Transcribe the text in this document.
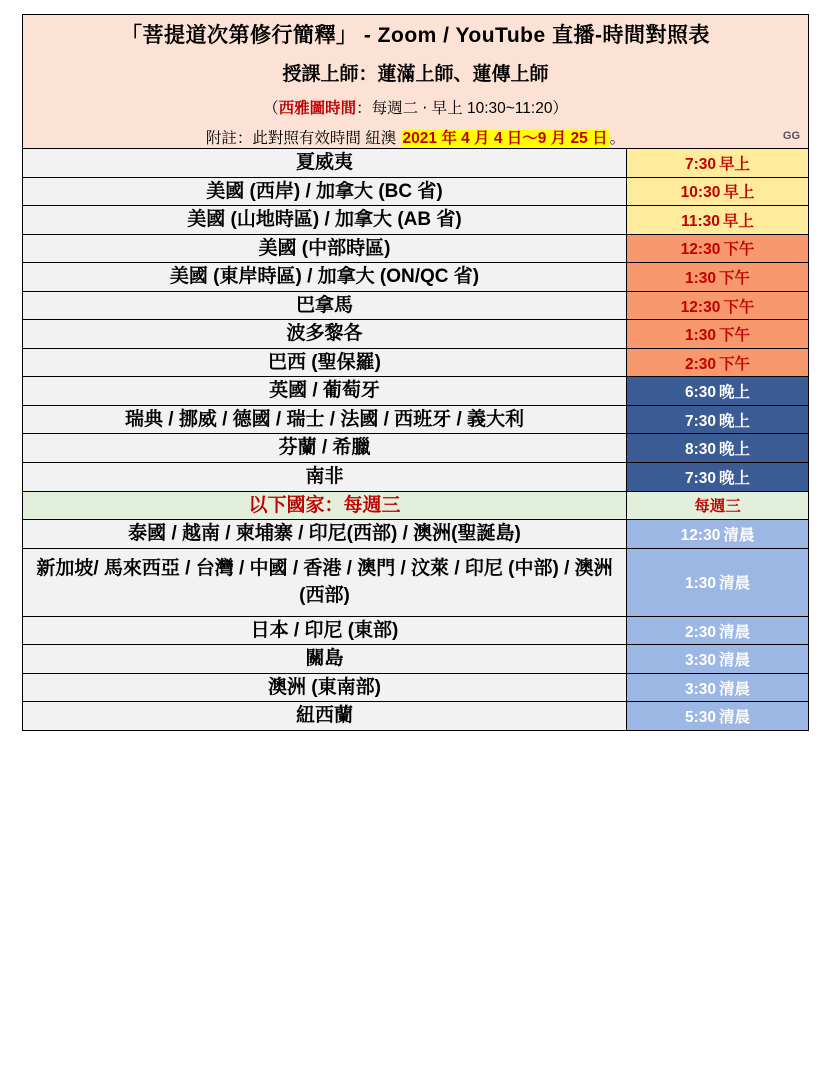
「菩提道次第修行簡釋」 - Zoom / YouTube 直播-時間對照表
授課上師：蓮滿上師、蓮傳上師
（西雅圖時間：每週二 ‧ 早上 10:30~11:20）
附註：此對照有效時間 紐澳 2021 年 4 月 4 日～9 月 25 日 。 GG	

夏威夷	7:30 早上
美國 (西岸) / 加拿大 (BC 省)	10:30 早上
美國 (山地時區) / 加拿大 (AB 省)	11:30 早上
美國 (中部時區)	12:30 下午
美國 (東岸時區) / 加拿大 (ON/QC 省)	1:30 下午
巴拿馬	12:30 下午
波多黎各	1:30 下午
巴西 (聖保羅)	2:30 下午
英國 / 葡萄牙	6:30 晚上
瑞典 / 挪威 / 德國 / 瑞士 / 法國 / 西班牙 / 義大利	7:30 晚上
芬蘭 / 希臘	8:30 晚上
南非	7:30 晚上
以下國家：每週三	每週三
泰國 / 越南 / 柬埔寨 / 印尼(西部) / 澳洲(聖誕島)	12:30 清晨
新加坡/ 馬來西亞 / 台灣 / 中國 / 香港 / 澳門 / 汶萊 / 印尼 (中部) / 澳洲 (西部)	1:30 清晨
日本 / 印尼 (東部)	2:30 清晨
關島	3:30 清晨
澳洲 (東南部)	3:30 清晨
紐西蘭	5:30 清晨
